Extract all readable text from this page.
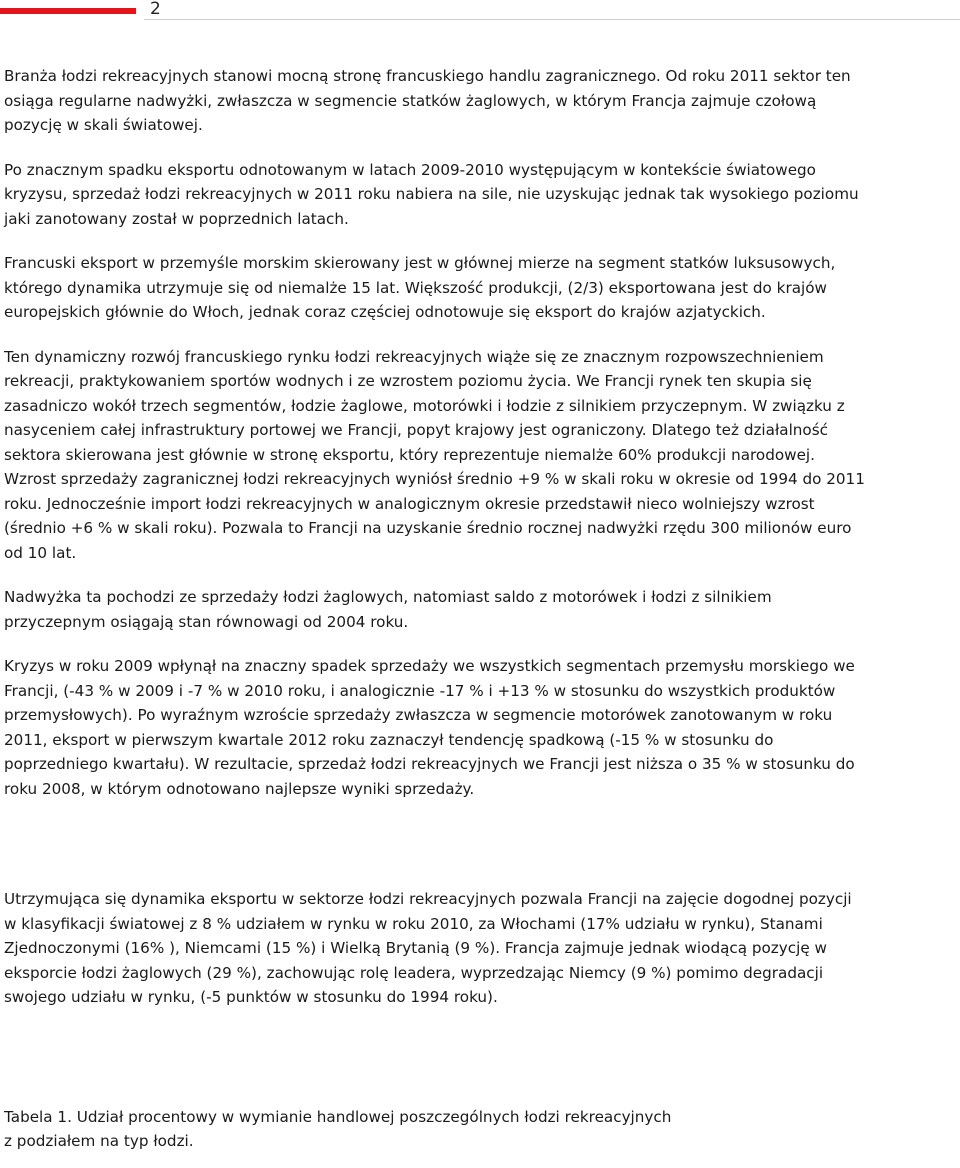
2

Branża łodzi rekreacyjnych stanowi mocną stronę francuskiego handlu zagranicznego. Od roku 2011 sektor ten
osiąga regularne nadwyżki, zwłaszcza w segmencie statków żaglowych, w którym Francja zajmuje czołową
pozycję w skali światowej.

Po znacznym spadku eksportu odnotowanym w latach 2009-2010 występującym w kontekście światowego
kryzysu, sprzedaż łodzi rekreacyjnych w 2011 roku nabiera na sile, nie uzyskując jednak tak wysokiego poziomu
jaki zanotowany został w poprzednich latach.

Francuski eksport w przemyśle morskim skierowany jest w głównej mierze na segment statków luksusowych,
którego dynamika utrzymuje się od niemalże 15 lat. Większość produkcji, (2/3) eksportowana jest do krajów
europejskich głównie do Włoch, jednak coraz częściej odnotowuje się eksport do krajów azjatyckich.

Ten dynamiczny rozwój francuskiego rynku łodzi rekreacyjnych wiąże się ze znacznym rozpowszechnieniem
rekreacji, praktykowaniem sportów wodnych i ze wzrostem poziomu życia. We Francji rynek ten skupia się
zasadniczo wokół trzech segmentów, łodzie żaglowe, motorówki i łodzie z silnikiem przyczepnym. W związku z
nasyceniem całej infrastruktury portowej we Francji, popyt krajowy jest ograniczony. Dlatego też działalność
sektora skierowana jest głównie w stronę eksportu, który reprezentuje niemalże 60% produkcji narodowej.
Wzrost sprzedaży zagranicznej łodzi rekreacyjnych wyniósł średnio +9 % w skali roku w okresie od 1994 do 2011
roku. Jednocześnie import łodzi rekreacyjnych w analogicznym okresie przedstawił nieco wolniejszy wzrost
(średnio +6 % w skali roku). Pozwala to Francji na uzyskanie średnio rocznej nadwyżki rzędu 300 milionów euro
od 10 lat.

Nadwyżka ta pochodzi ze sprzedaży łodzi żaglowych, natomiast saldo z motorówek i łodzi z silnikiem
przyczepnym osiągają stan równowagi od 2004 roku.

Kryzys w roku 2009 wpłynął na znaczny spadek sprzedaży we wszystkich segmentach przemysłu morskiego we
Francji, (-43 % w 2009 i -7 % w 2010 roku, i analogicznie -17 % i +13 % w stosunku do wszystkich produktów
przemysłowych). Po wyraźnym wzroście sprzedaży zwłaszcza w segmencie motorówek zanotowanym w roku
2011, eksport w pierwszym kwartale 2012 roku zaznaczył tendencję spadkową (-15 % w stosunku do
poprzedniego kwartału). W rezultacie, sprzedaż łodzi rekreacyjnych we Francji jest niższa o 35 % w stosunku do
roku 2008, w którym odnotowano najlepsze wyniki sprzedaży.

Utrzymująca się dynamika eksportu w sektorze łodzi rekreacyjnych pozwala Francji na zajęcie dogodnej pozycji
w klasyfikacji światowej z 8 % udziałem w rynku w roku 2010, za Włochami (17% udziału w rynku), Stanami
Zjednoczonymi (16% ), Niemcami (15 %) i Wielką Brytanią (9 %). Francja zajmuje jednak wiodącą pozycję w
eksporcie łodzi żaglowych (29 %), zachowując rolę leadera, wyprzedzając Niemcy (9 %) pomimo degradacji
swojego udziału w rynku, (-5 punktów w stosunku do 1994 roku).

Tabela 1. Udział procentowy w wymianie handlowej poszczególnych łodzi rekreacyjnych
z podziałem na typ łodzi.
